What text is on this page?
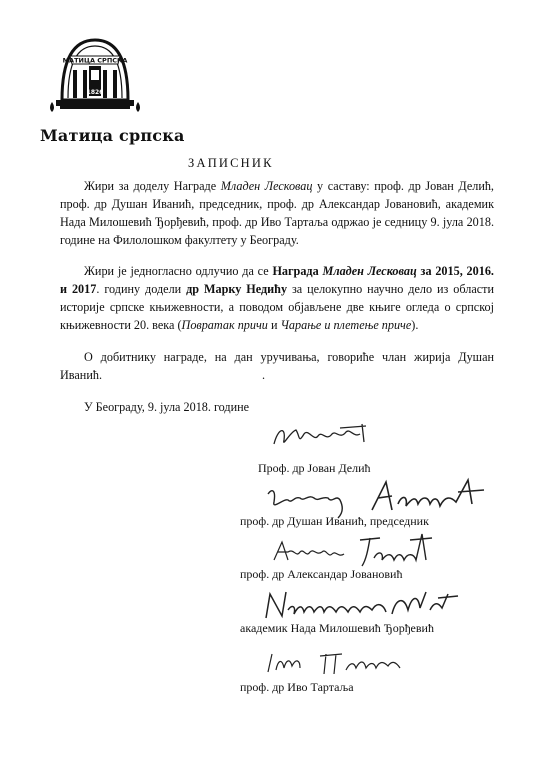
МАТИЦА СРПСКА
1826
Матица српска
ЗАПИСНИК
Жири за доделу Награде Младен Лесковац у саставу: проф. др Јован Делић, проф. др Душан Иванић, председник, проф. др Александар Јовановић, академик Нада Милошевић Ђорђевић, проф. др Иво Тартаља одржао је седницу 9. јула 2018. године на Филолошком факултету у Београду.
Жири је једногласно одлучио да се Награда Младен Лесковац за 2015, 2016. и 2017. годину додели др Марку Недићу за целокупно научно дело из области историје српске књижевности, а поводом објављене две књиге огледа о српској књижевности 20. века (Повратак причи и Чарање и плетење приче).
О добитнику награде, на дан уручивања, говориће члан жирија Душан Иванић.	.
У Београду, 9. јула 2018. године
Проф. др Јован Делић
проф. др Душан Иванић, председник
проф. др Александар Јовановић
академик Нада Милошевић Ђорђевић
проф. др Иво Тартаља
